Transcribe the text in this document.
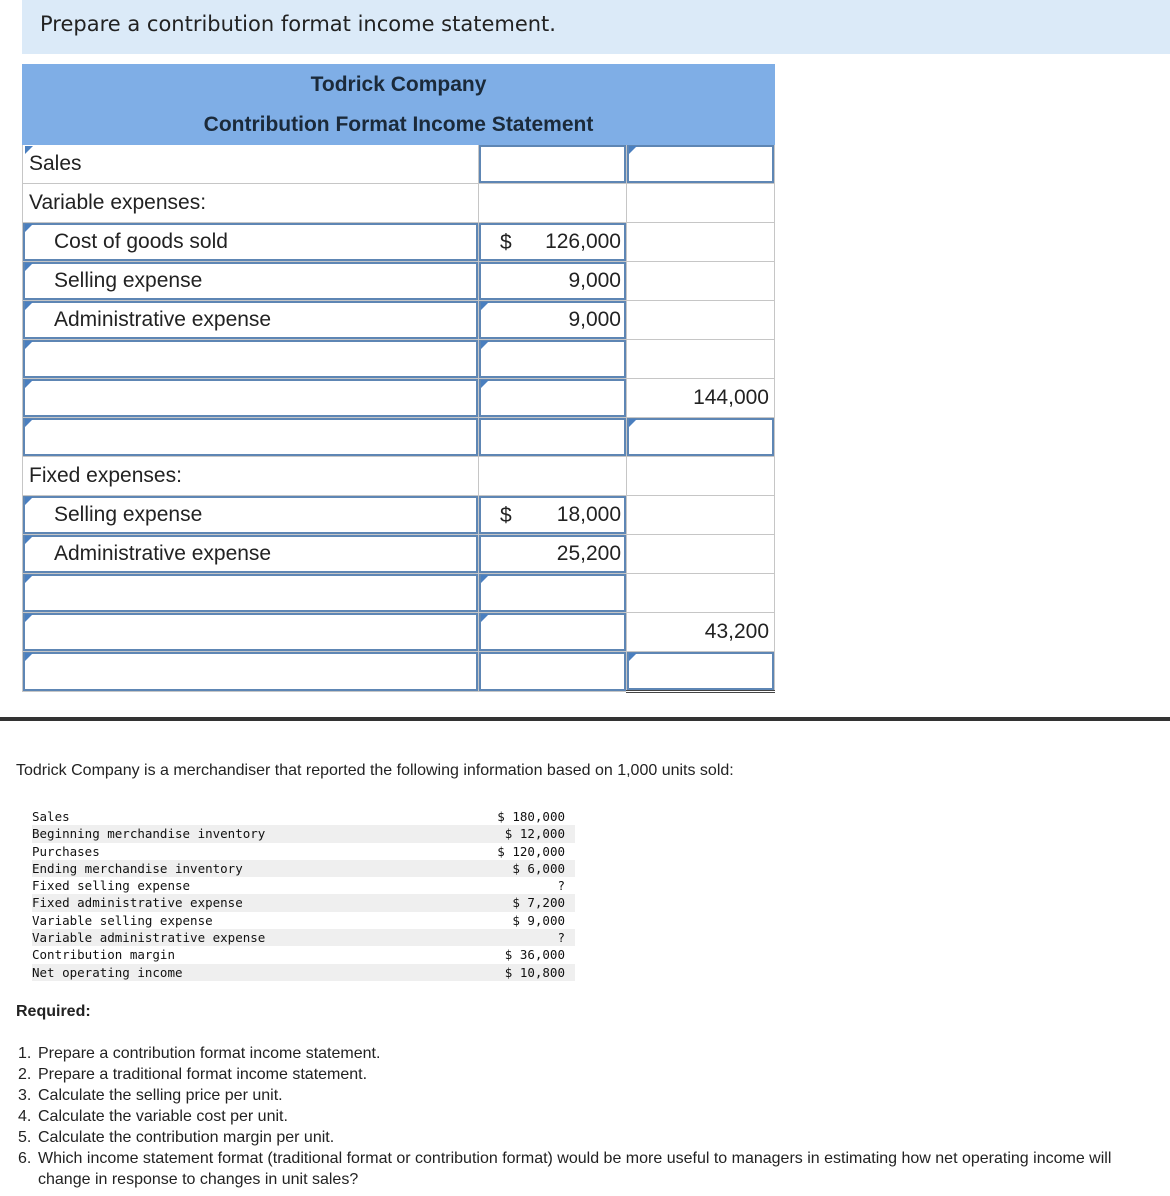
Prepare a contribution format income statement.
Todrick Company		
Contribution Format Income Statement		
Sales		
Variable expenses:		
Cost of goods sold	$ 126,000	
Selling expense	9,000	
Administrative expense	9,000	

		144,000

Fixed expenses:		
Selling expense	$ 18,000	
Administrative expense	25,200	

		43,200

Todrick Company is a merchandiser that reported the following information based on 1,000 units sold:
Sales	$ 180,000
Beginning merchandise inventory	$ 12,000
Purchases	$ 120,000
Ending merchandise inventory	$ 6,000
Fixed selling expense	?
Fixed administrative expense	$ 7,200
Variable selling expense	$ 9,000
Variable administrative expense	?
Contribution margin	$ 36,000
Net operating income	$ 10,800
Required:
1. Prepare a contribution format income statement.
2. Prepare a traditional format income statement.
3. Calculate the selling price per unit.
4. Calculate the variable cost per unit.
5. Calculate the contribution margin per unit.
6. Which income statement format (traditional format or contribution format) would be more useful to managers in estimating how net operating income will change in response to changes in unit sales?
